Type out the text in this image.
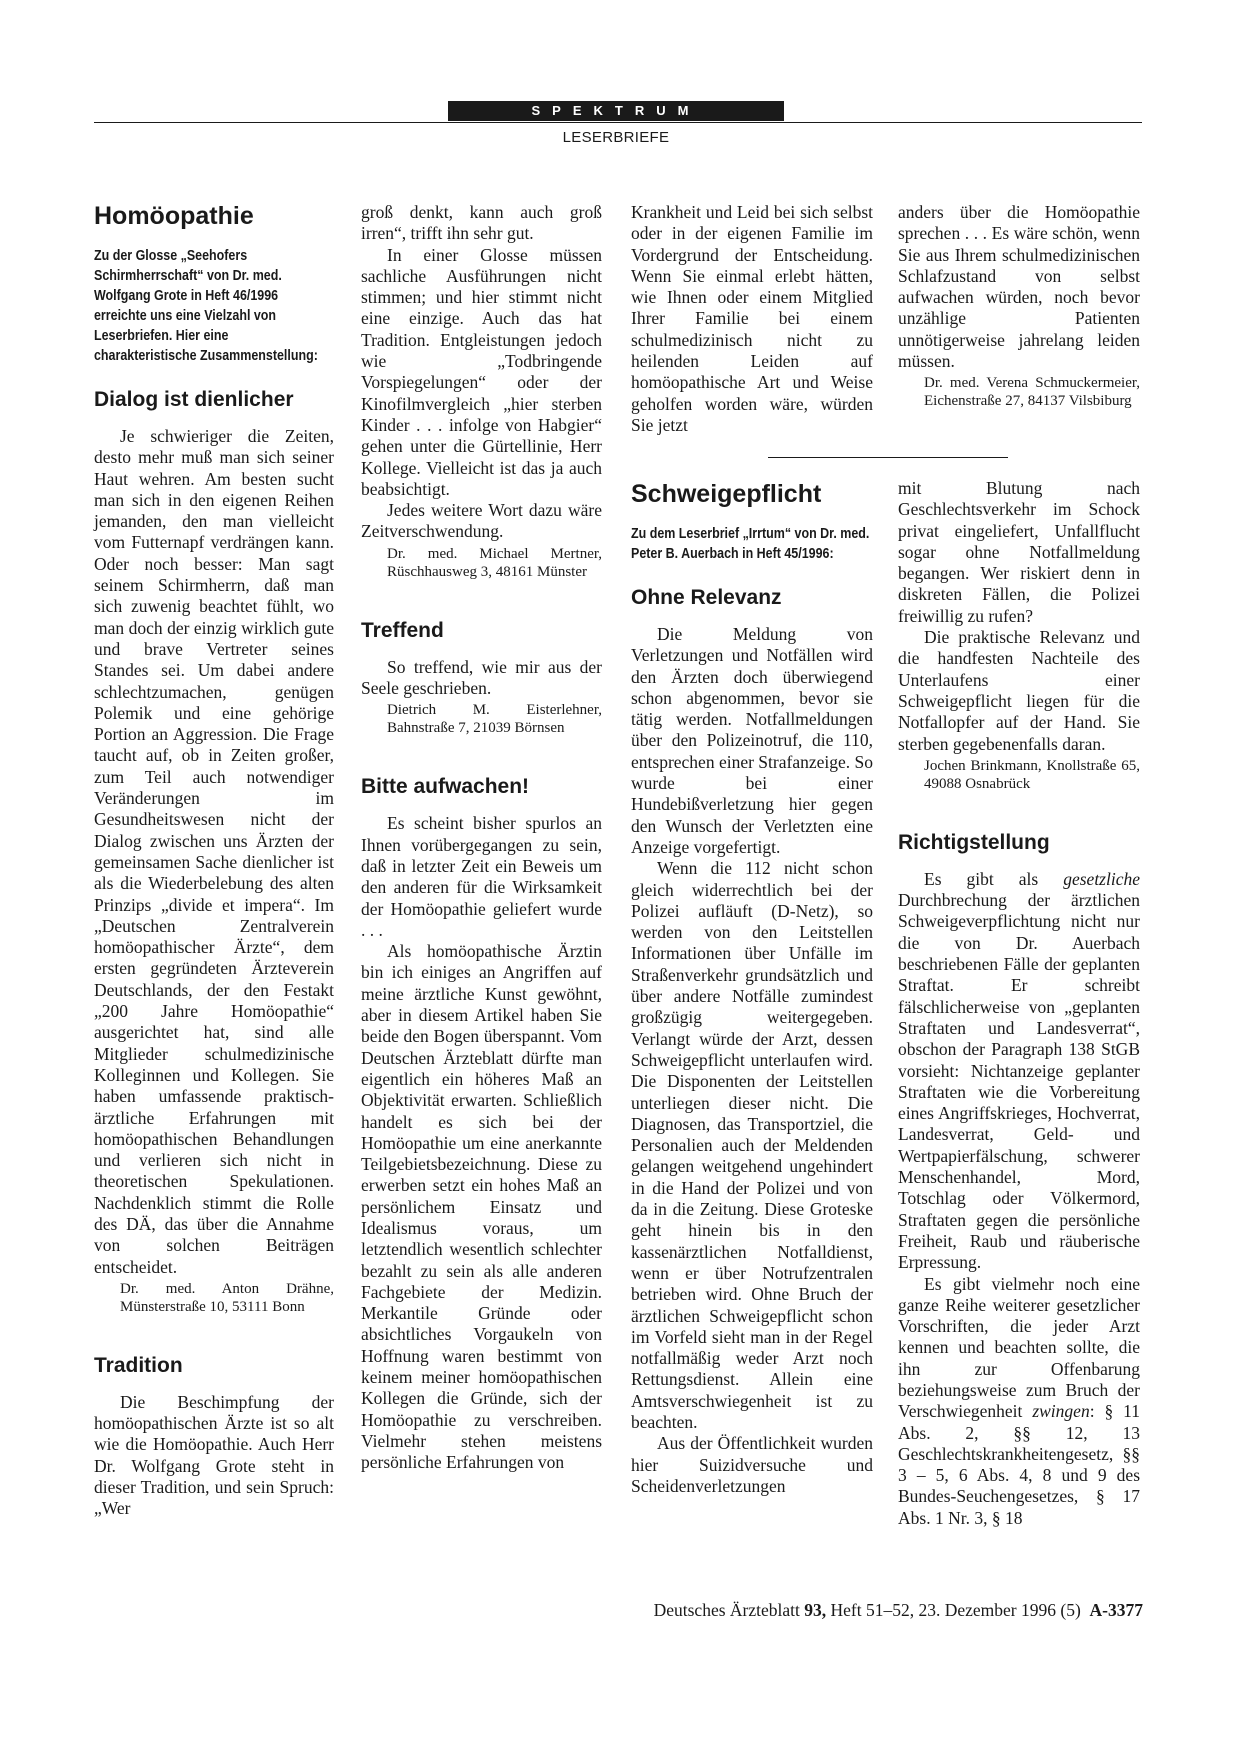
SPEKTRUM
LESERBRIEFE
Homöopathie

Zu der Glosse „Seehofers Schirmherrschaft“ von Dr. med. Wolfgang Grote in Heft 46/1996 erreichte uns eine Vielzahl von Leserbriefen. Hier eine charakteristische Zusammenstellung:

Dialog ist dienlicher

Je schwieriger die Zeiten, desto mehr muß man sich seiner Haut wehren. Am besten sucht man sich in den eigenen Reihen jemanden, den man vielleicht vom Futternapf verdrängen kann. Oder noch besser: Man sagt seinem Schirmherrn, daß man sich zuwenig beachtet fühlt, wo man doch der einzig wirklich gute und brave Vertreter seines Standes sei. Um dabei andere schlechtzumachen, genügen Polemik und eine gehörige Portion an Aggression. Die Frage taucht auf, ob in Zeiten großer, zum Teil auch notwendiger Veränderungen im Gesundheitswesen nicht der Dialog zwischen uns Ärzten der gemeinsamen Sache dienlicher ist als die Wiederbelebung des alten Prinzips „divide et impera“. Im „Deutschen Zentralverein homöopathischer Ärzte“, dem ersten gegründeten Ärzteverein Deutschlands, der den Festakt „200 Jahre Homöopathie“ ausgerichtet hat, sind alle Mitglieder schulmedizinische Kolleginnen und Kollegen. Sie haben umfassende praktisch-ärztliche Erfahrungen mit homöopathischen Behandlungen und verlieren sich nicht in theoretischen Spekulationen. Nachdenklich stimmt die Rolle des DÄ, das über die Annahme von solchen Beiträgen entscheidet.

Dr. med. Anton Drähne, Münsterstraße 10, 53111 Bonn

Tradition

Die Beschimpfung der homöopathischen Ärzte ist so alt wie die Homöopathie. Auch Herr Dr. Wolfgang Grote steht in dieser Tradition, und sein Spruch: „Wer

groß denkt, kann auch groß irren“, trifft ihn sehr gut.

In einer Glosse müssen sachliche Ausführungen nicht stimmen; und hier stimmt nicht eine einzige. Auch das hat Tradition. Entgleistungen jedoch wie „Todbringende Vorspiegelungen“ oder der Kinofilmvergleich „hier sterben Kinder . . . infolge von Habgier“ gehen unter die Gürtellinie, Herr Kollege. Vielleicht ist das ja auch beabsichtigt.

Jedes weitere Wort dazu wäre Zeitverschwendung.

Dr. med. Michael Mertner, Rüschhausweg 3, 48161 Münster

Treffend

So treffend, wie mir aus der Seele geschrieben.

Dietrich M. Eisterlehner, Bahnstraße 7, 21039 Börnsen

Bitte aufwachen!

Es scheint bisher spurlos an Ihnen vorübergegangen zu sein, daß in letzter Zeit ein Beweis um den anderen für die Wirksamkeit der Homöopathie geliefert wurde . . .

Als homöopathische Ärztin bin ich einiges an Angriffen auf meine ärztliche Kunst gewöhnt, aber in diesem Artikel haben Sie beide den Bogen überspannt. Vom Deutschen Ärzteblatt dürfte man eigentlich ein höheres Maß an Objektivität erwarten. Schließlich handelt es sich bei der Homöopathie um eine anerkannte Teilgebietsbezeichnung. Diese zu erwerben setzt ein hohes Maß an persönlichem Einsatz und Idealismus voraus, um letztendlich wesentlich schlechter bezahlt zu sein als alle anderen Fachgebiete der Medizin. Merkantile Gründe oder absichtliches Vorgaukeln von Hoffnung waren bestimmt von keinem meiner homöopathischen Kollegen die Gründe, sich der Homöopathie zu verschreiben. Vielmehr stehen meistens persönliche Erfahrungen von

Krankheit und Leid bei sich selbst oder in der eigenen Familie im Vordergrund der Entscheidung. Wenn Sie einmal erlebt hätten, wie Ihnen oder einem Mitglied Ihrer Familie bei einem schulmedizinisch nicht zu heilenden Leiden auf homöopathische Art und Weise geholfen worden wäre, würden Sie jetzt

anders über die Homöopathie sprechen . . . Es wäre schön, wenn Sie aus Ihrem schulmedizinischen Schlafzustand von selbst aufwachen würden, noch bevor unzählige Patienten unnötigerweise jahrelang leiden müssen.

Dr. med. Verena Schmuckermeier, Eichenstraße 27, 84137 Vilsbiburg

Schweigepflicht

Zu dem Leserbrief „Irrtum“ von Dr. med. Peter B. Auerbach in Heft 45/1996:

Ohne Relevanz

Die Meldung von Verletzungen und Notfällen wird den Ärzten doch überwiegend schon abgenommen, bevor sie tätig werden. Notfallmeldungen über den Polizeinotruf, die 110, entsprechen einer Strafanzeige. So wurde bei einer Hundebißverletzung hier gegen den Wunsch der Verletzten eine Anzeige vorgefertigt.

Wenn die 112 nicht schon gleich widerrechtlich bei der Polizei aufläuft (D-Netz), so werden von den Leitstellen Informationen über Unfälle im Straßenverkehr grundsätzlich und über andere Notfälle zumindest großzügig weitergegeben. Verlangt würde der Arzt, dessen Schweigepflicht unterlaufen wird. Die Disponenten der Leitstellen unterliegen dieser nicht. Die Diagnosen, das Transportziel, die Personalien auch der Meldenden gelangen weitgehend ungehindert in die Hand der Polizei und von da in die Zeitung. Diese Groteske geht hinein bis in den kassenärztlichen Notfalldienst, wenn er über Notrufzentralen betrieben wird. Ohne Bruch der ärztlichen Schweigepflicht schon im Vorfeld sieht man in der Regel notfallmäßig weder Arzt noch Rettungsdienst. Allein eine Amtsverschwiegenheit ist zu beachten.

Aus der Öffentlichkeit wurden hier Suizidversuche und Scheidenverletzungen

mit Blutung nach Geschlechtsverkehr im Schock privat eingeliefert, Unfallflucht sogar ohne Notfallmeldung begangen. Wer riskiert denn in diskreten Fällen, die Polizei freiwillig zu rufen?

Die praktische Relevanz und die handfesten Nachteile des Unterlaufens einer Schweigepflicht liegen für die Notfallopfer auf der Hand. Sie sterben gegebenenfalls daran.

Jochen Brinkmann, Knollstraße 65, 49088 Osnabrück

Richtigstellung

Es gibt als gesetzliche Durchbrechung der ärztlichen Schweigeverpflichtung nicht nur die von Dr. Auerbach beschriebenen Fälle der geplanten Straftat. Er schreibt fälschlicherweise von „geplanten Straftaten und Landesverrat“, obschon der Paragraph 138 StGB vorsieht: Nichtanzeige geplanter Straftaten wie die Vorbereitung eines Angriffskrieges, Hochverrat, Landesverrat, Geld- und Wertpapierfälschung, schwerer Menschenhandel, Mord, Totschlag oder Völkermord, Straftaten gegen die persönliche Freiheit, Raub und räuberische Erpressung.

Es gibt vielmehr noch eine ganze Reihe weiterer gesetzlicher Vorschriften, die jeder Arzt kennen und beachten sollte, die ihn zur Offenbarung beziehungsweise zum Bruch der Verschwiegenheit zwingen: § 11 Abs. 2, §§ 12, 13 Geschlechtskrankheitengesetz, §§ 3 – 5, 6 Abs. 4, 8 und 9 des Bundes-Seuchengesetzes, § 17 Abs. 1 Nr. 3, § 18

Deutsches Ärzteblatt 93, Heft 51–52, 23. Dezember 1996 (5) A-3377
